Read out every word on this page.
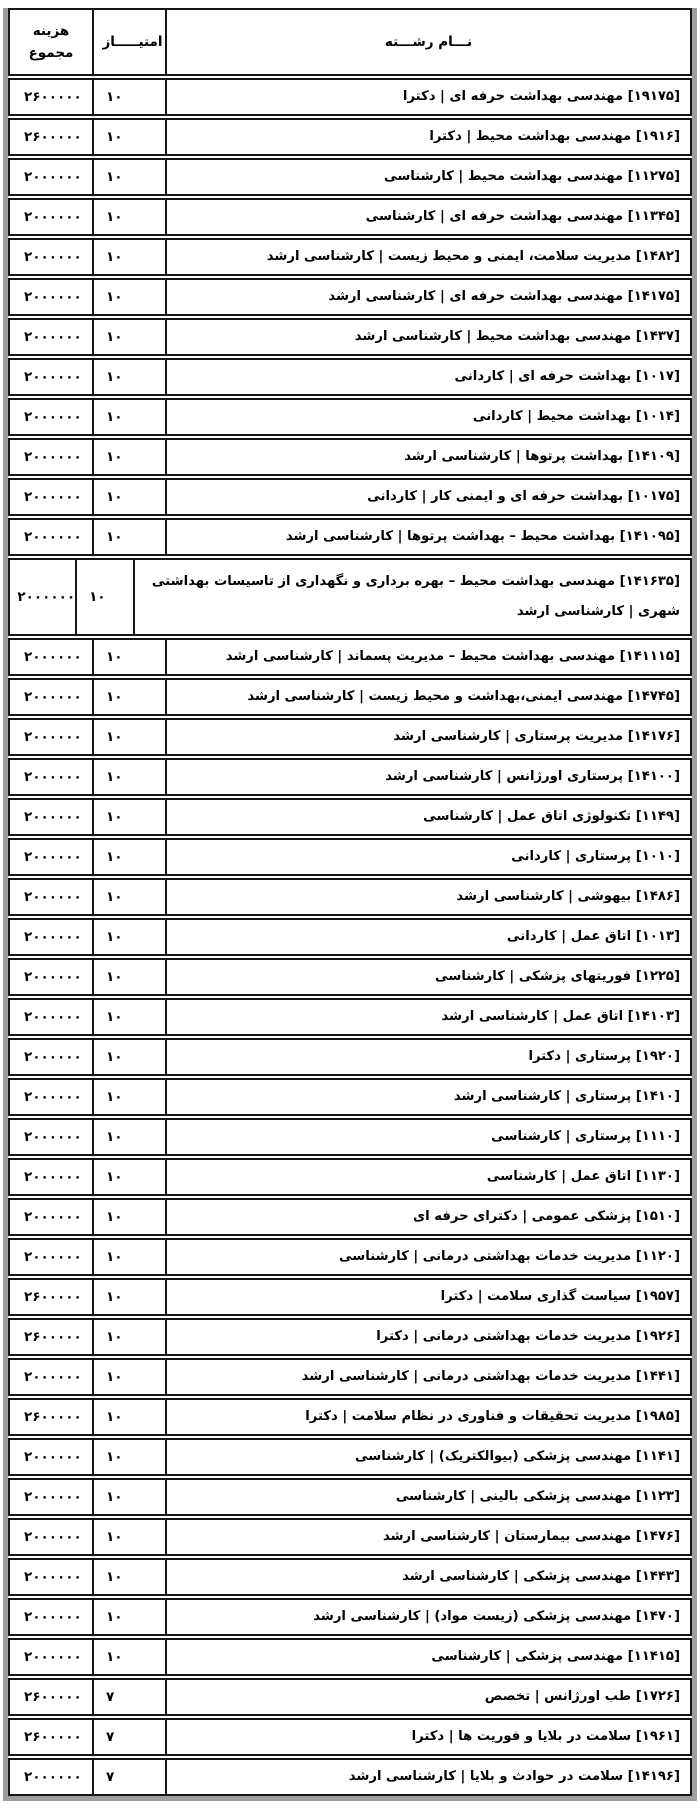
نـــام رشـــته
امتیـــــاز
هزینه
مجموع
[۱۹۱۷۵] مهندسی بهداشت حرفه ای | دکترا
۱۰
۲۶۰۰۰۰۰
[۱۹۱۶] مهندسی بهداشت محیط | دکترا
۱۰
۲۶۰۰۰۰۰
[۱۱۲۷۵] مهندسی بهداشت محیط | کارشناسی
۱۰
۲۰۰۰۰۰۰
[۱۱۳۴۵] مهندسی بهداشت حرفه ای | کارشناسی
۱۰
۲۰۰۰۰۰۰
[۱۴۸۲] مدیریت سلامت، ایمنی و محیط زیست | کارشناسی ارشد
۱۰
۲۰۰۰۰۰۰
[۱۴۱۷۵] مهندسی بهداشت حرفه ای | کارشناسی ارشد
۱۰
۲۰۰۰۰۰۰
[۱۴۳۷] مهندسی بهداشت محیط | کارشناسی ارشد
۱۰
۲۰۰۰۰۰۰
[۱۰۱۷] بهداشت حرفه ای | کاردانی
۱۰
۲۰۰۰۰۰۰
[۱۰۱۴] بهداشت محیط | کاردانی
۱۰
۲۰۰۰۰۰۰
[۱۴۱۰۹] بهداشت پرتوها | کارشناسی ارشد
۱۰
۲۰۰۰۰۰۰
[۱۰۱۷۵] بهداشت حرفه ای و ایمنی کار | کاردانی
۱۰
۲۰۰۰۰۰۰
[۱۴۱۰۹۵] بهداشت محیط – بهداشت پرتوها | کارشناسی ارشد
۱۰
۲۰۰۰۰۰۰
[۱۴۱۶۳۵] مهندسی بهداشت محیط – بهره برداری و نگهداری از تاسیسات بهداشتی شهری | کارشناسی ارشد
۱۰
۲۰۰۰۰۰۰
[۱۴۱۱۱۵] مهندسی بهداشت محیط – مدیریت پسماند | کارشناسی ارشد
۱۰
۲۰۰۰۰۰۰
[۱۴۷۴۵] مهندسی ایمنی،بهداشت و محیط زیست | کارشناسی ارشد
۱۰
۲۰۰۰۰۰۰
[۱۴۱۷۶] مدیریت پرستاری | کارشناسی ارشد
۱۰
۲۰۰۰۰۰۰
[۱۴۱۰۰] پرستاری اورژانس | کارشناسی ارشد
۱۰
۲۰۰۰۰۰۰
[۱۱۴۹] تکنولوژی اتاق عمل | کارشناسی
۱۰
۲۰۰۰۰۰۰
[۱۰۱۰] پرستاری | کاردانی
۱۰
۲۰۰۰۰۰۰
[۱۴۸۶] بیهوشی | کارشناسی ارشد
۱۰
۲۰۰۰۰۰۰
[۱۰۱۳] اتاق عمل | کاردانی
۱۰
۲۰۰۰۰۰۰
[۱۲۲۵] فوریتهای پزشکی | کارشناسی
۱۰
۲۰۰۰۰۰۰
[۱۴۱۰۳] اتاق عمل | کارشناسی ارشد
۱۰
۲۰۰۰۰۰۰
[۱۹۲۰] پرستاری | دکترا
۱۰
۲۰۰۰۰۰۰
[۱۴۱۰] پرستاری | کارشناسی ارشد
۱۰
۲۰۰۰۰۰۰
[۱۱۱۰] پرستاری | کارشناسی
۱۰
۲۰۰۰۰۰۰
[۱۱۳۰] اتاق عمل | کارشناسی
۱۰
۲۰۰۰۰۰۰
[۱۵۱۰] پزشکی عمومی | دکترای حرفه ای
۱۰
۲۰۰۰۰۰۰
[۱۱۲۰] مدیریت خدمات بهداشتی درمانی | کارشناسی
۱۰
۲۰۰۰۰۰۰
[۱۹۵۷] سیاست گذاری سلامت | دکترا
۱۰
۲۶۰۰۰۰۰
[۱۹۲۶] مدیریت خدمات بهداشتی درمانی | دکترا
۱۰
۲۶۰۰۰۰۰
[۱۴۴۱] مدیریت خدمات بهداشتی درمانی | کارشناسی ارشد
۱۰
۲۰۰۰۰۰۰
[۱۹۸۵] مدیریت تحقیقات و فناوری در نظام سلامت | دکترا
۱۰
۲۶۰۰۰۰۰
[۱۱۴۱] مهندسی پزشکی (بیوالکتریک) | کارشناسی
۱۰
۲۰۰۰۰۰۰
[۱۱۲۳] مهندسی پزشکی بالینی | کارشناسی
۱۰
۲۰۰۰۰۰۰
[۱۴۷۶] مهندسی بیمارستان | کارشناسی ارشد
۱۰
۲۰۰۰۰۰۰
[۱۴۴۳] مهندسی پزشکی | کارشناسی ارشد
۱۰
۲۰۰۰۰۰۰
[۱۴۷۰] مهندسی پزشکی (زیست مواد) | کارشناسی ارشد
۱۰
۲۰۰۰۰۰۰
[۱۱۴۱۵] مهندسی پزشکی | کارشناسی
۱۰
۲۰۰۰۰۰۰
[۱۷۲۶] طب اورژانس | تخصص
۷
۲۶۰۰۰۰۰
[۱۹۶۱] سلامت در بلایا و فوریت ها | دکترا
۷
۲۶۰۰۰۰۰
[۱۴۱۹۶] سلامت در حوادث و بلایا | کارشناسی ارشد
۷
۲۰۰۰۰۰۰
